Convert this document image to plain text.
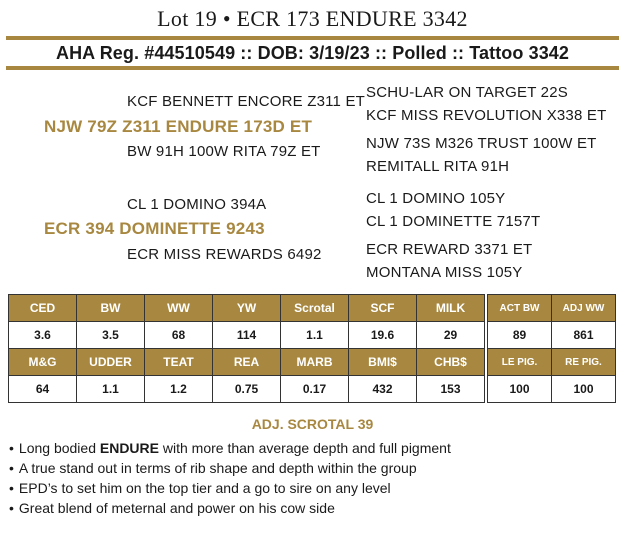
Lot 19 • ECR 173 ENDURE 3342
AHA Reg. #44510549 :: DOB: 3/19/23 :: Polled :: Tattoo 3342
KCF BENNETT ENCORE Z311 ET
NJW 79Z Z311 ENDURE 173D ET
BW 91H 100W RITA 79Z ET
SCHU-LAR ON TARGET 22S
KCF MISS REVOLUTION X338 ET
NJW 73S M326 TRUST 100W ET
REMITALL RITA 91H
CL 1 DOMINO 394A
ECR 394 DOMINETTE 9243
ECR MISS REWARDS 6492
CL 1 DOMINO 105Y
CL 1 DOMINETTE 7157T
ECR REWARD 3371 ET
MONTANA MISS 105Y
CED	BW	WW	YW	Scrotal	SCF	MILK
3.6	3.5	68	114	1.1	19.6	29
M&G	UDDER	TEAT	REA	MARB	BMI$	CHB$
64	1.1	1.2	0.75	0.17	432	153
ACT BW	ADJ WW
89	861
LE PIG.	RE PIG.
100	100
ADJ. SCROTAL 39
• Long bodied ENDURE with more than average depth and full pigment
• A true stand out in terms of rib shape and depth within the group
• EPD’s to set him on the top tier and a go to sire on any level
• Great blend of meternal and power on his cow side
